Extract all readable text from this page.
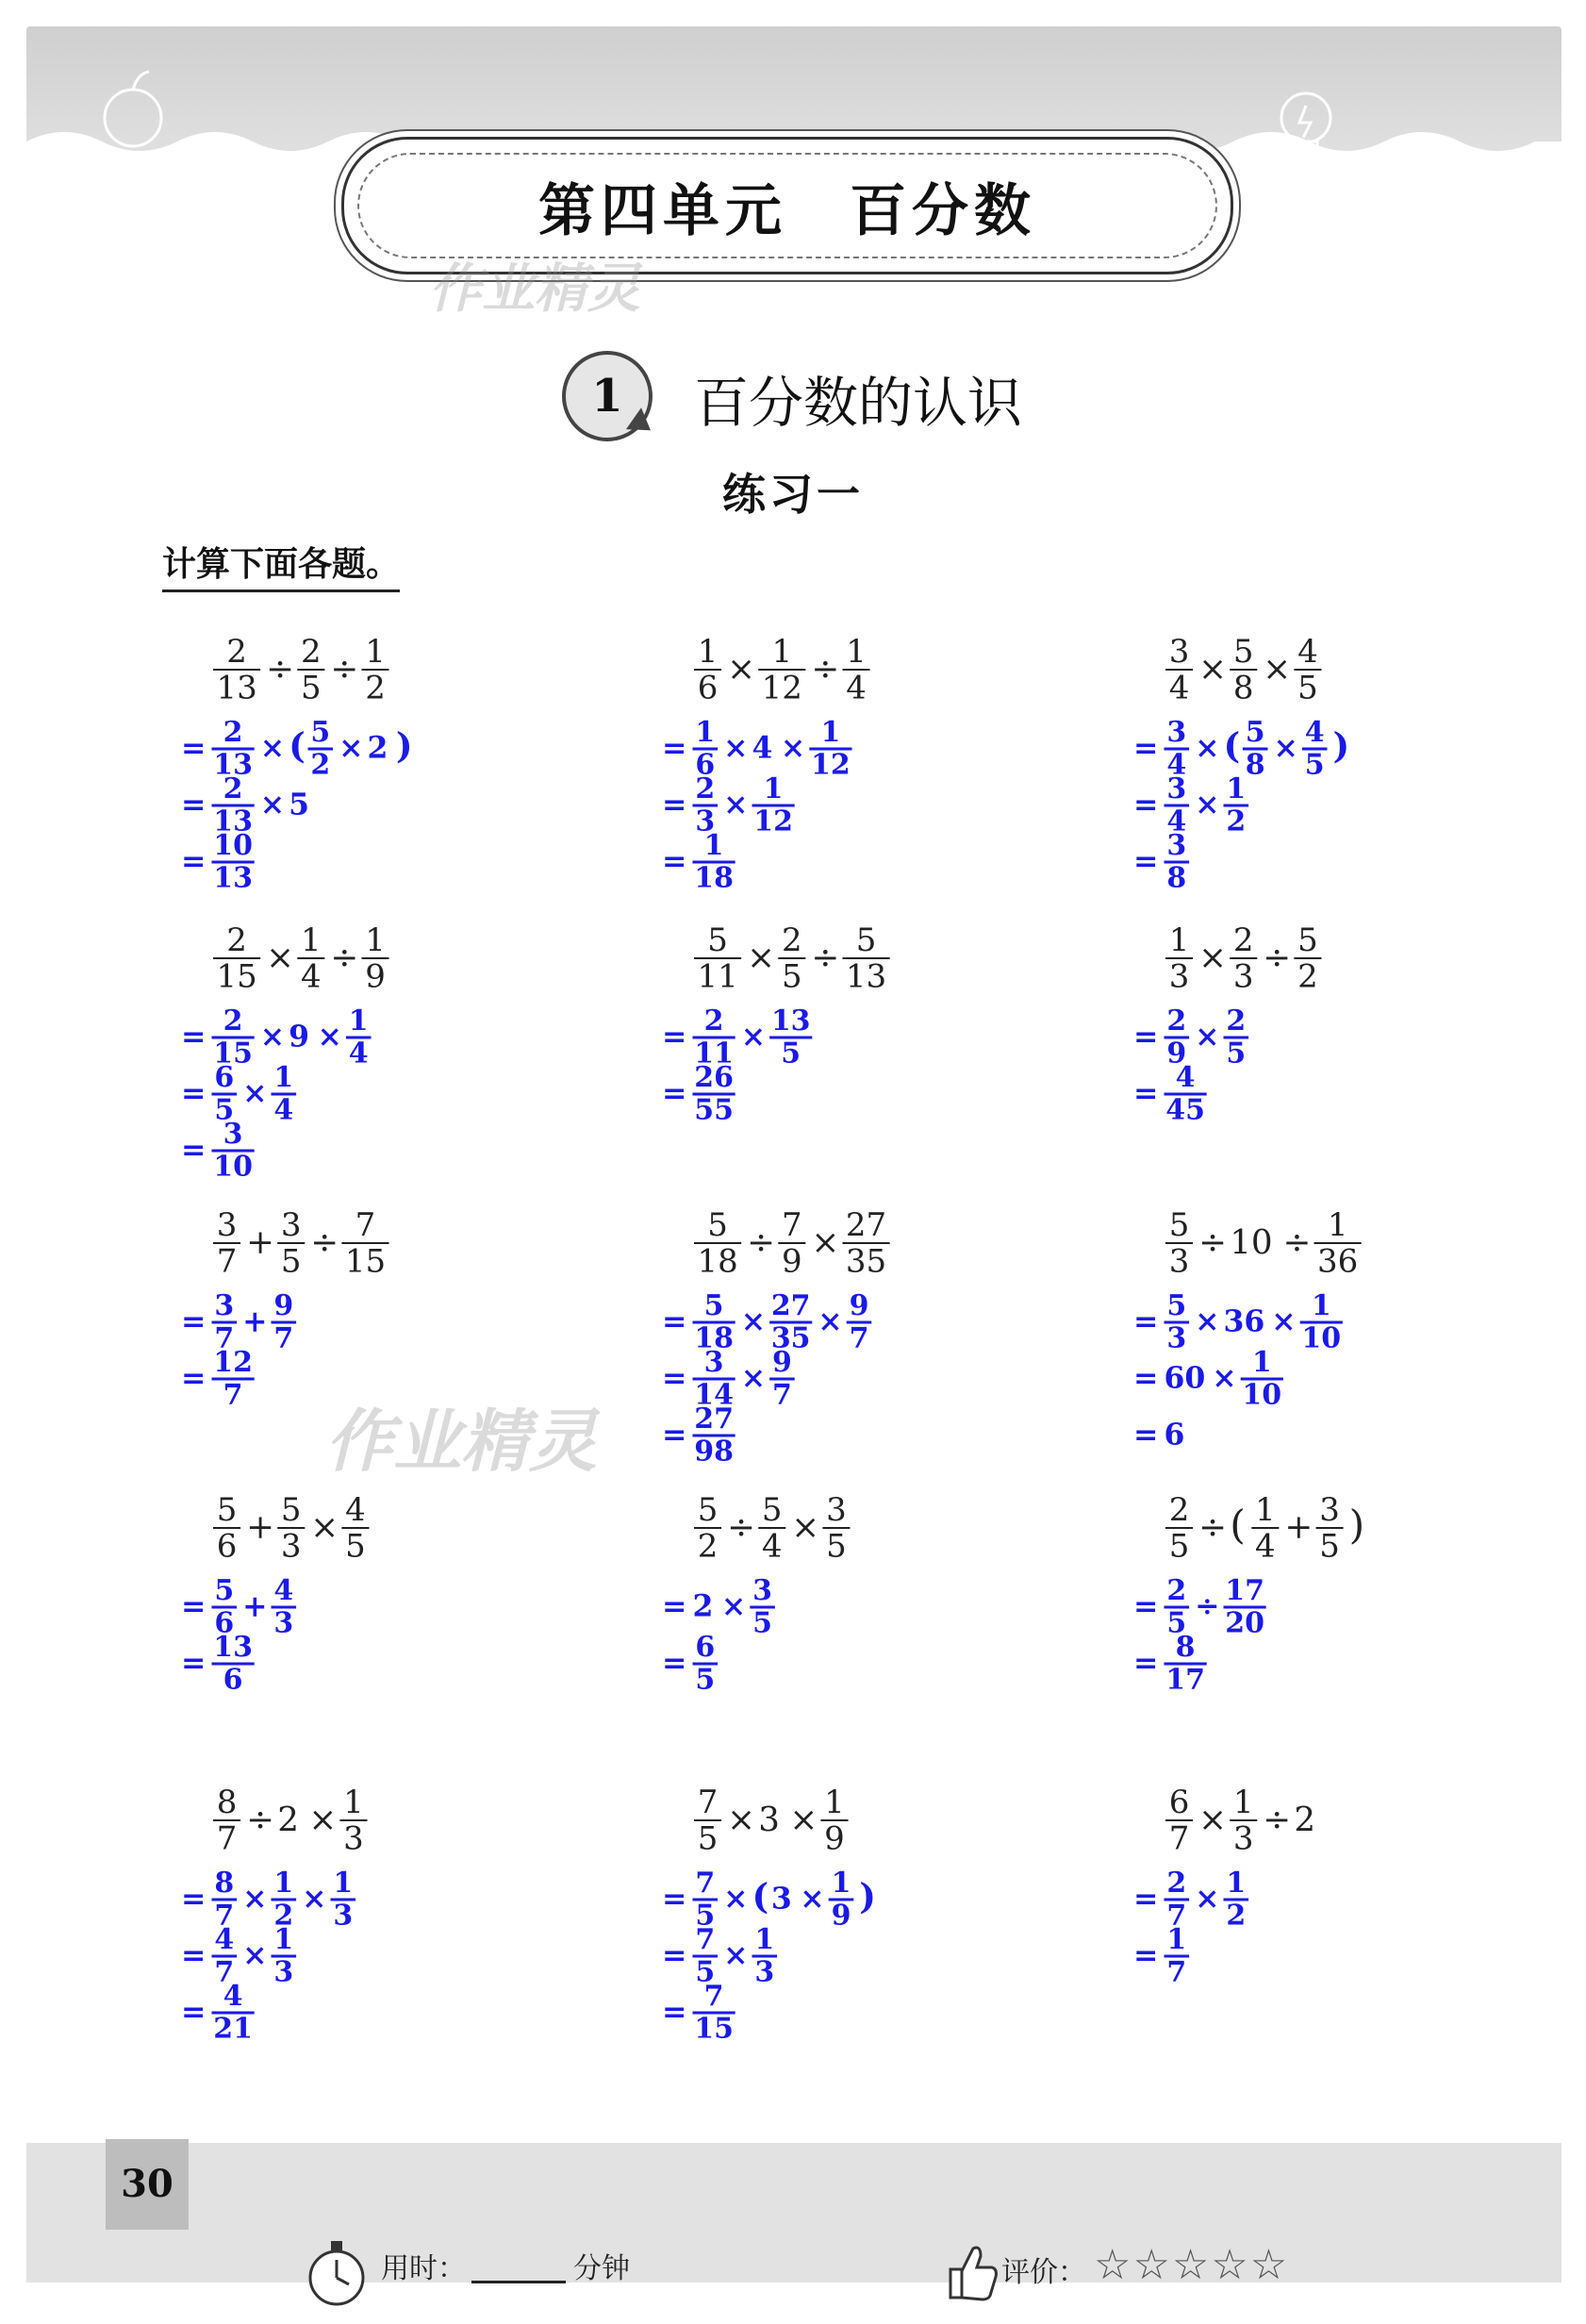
第四单元　百分数
作业精灵
作业精灵
1	百分数的认识
练习一
计算下面各题。
2
13 ÷ 2
5 ÷ 1
2
= 2
13 × ( 5
2 × 2 )
= 2
13 × 5
= 10
13
1
6 × 1
12 ÷ 1
4
= 1
6 × 4 × 1
12
= 2
3 × 1
12
= 1
18
3
4 × 5
8 × 4
5
= 3
4 × ( 5
8 × 4
5 )
= 3
4 × 1
2
= 3
8
2
15 × 1
4 ÷ 1
9
= 2
15 × 9 × 1
4
= 6
5 × 1
4
= 3
10
5
11 × 2
5 ÷ 5
13
= 2
11 × 13
5
= 26
55
1
3 × 2
3 ÷ 5
2
= 2
9 × 2
5
= 4
45
3
7 + 3
5 ÷ 7
15
= 3
7 + 9
7
= 12
7
5
18 ÷ 7
9 × 27
35
= 5
18 × 27
35 × 9
7
= 3
14 × 9
7
= 27
98
5
3 ÷ 10 ÷ 1
36
= 5
3 × 36 × 1
10
= 60 × 1
10
= 6
5
6 + 5
3 × 4
5
= 5
6 + 4
3
= 13
6
5
2 ÷ 5
4 × 3
5
= 2 × 3
5
= 6
5
2
5 ÷ ( 1
4 + 3
5 )
= 2
5 ÷ 17
20
= 8
17
8
7 ÷ 2 × 1
3
= 8
7 × 1
2 × 1
3
= 4
7 × 1
3
= 4
21
7
5 × 3 × 1
9
= 7
5 × ( 3 × 1
9 )
= 7
5 × 1
3
= 7
15
6
7 × 1
3 ÷ 2
= 2
7 × 1
2
= 1
7
30
用时：	分钟	评价： ☆☆☆☆☆
